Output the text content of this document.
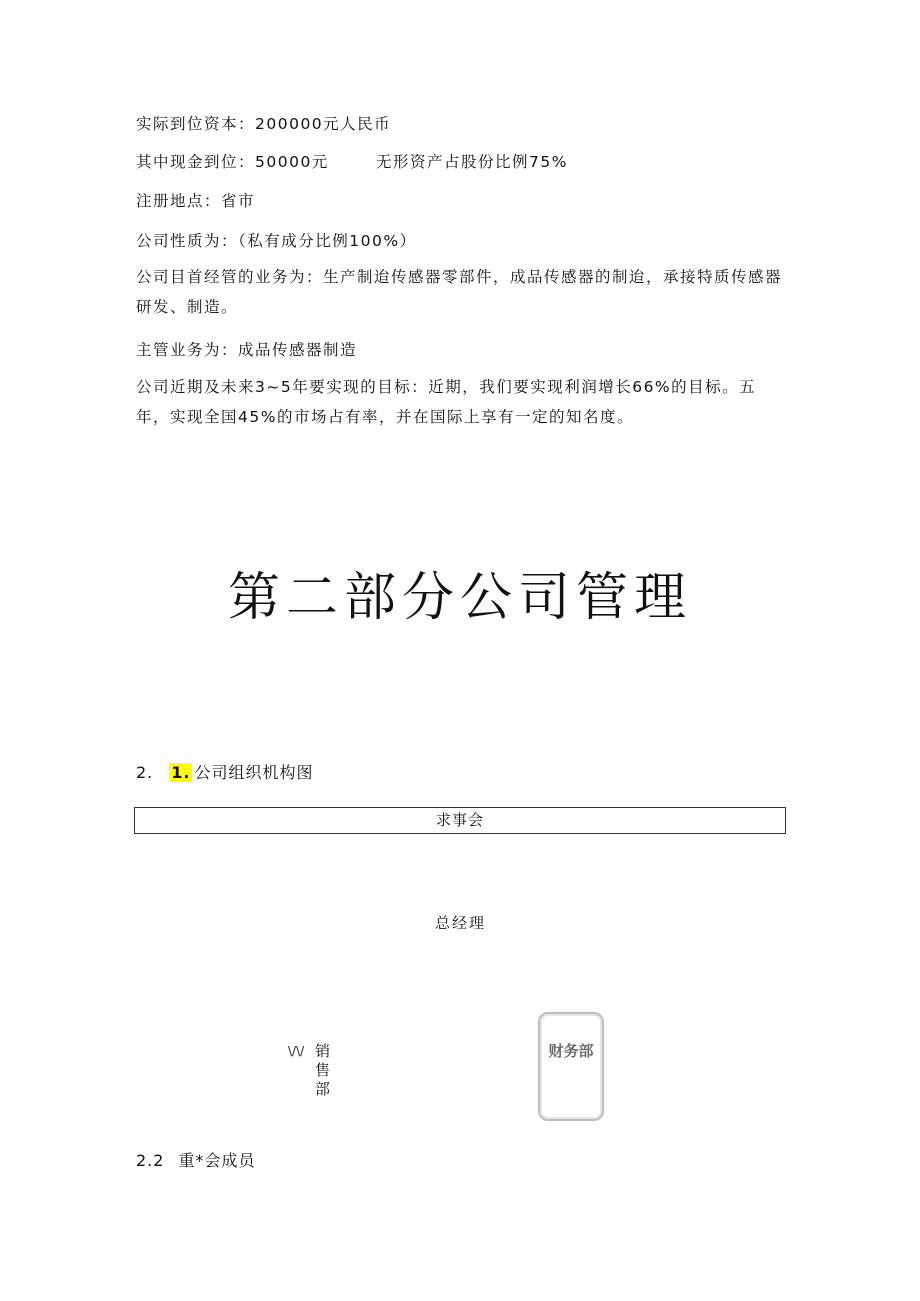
实际到位资本：200000元人民币
其中现金到位：50000元	无形资产占股份比例75%
注册地点：省市
公司性质为：（私有成分比例100%）
公司目首经管的业务为：生产制迨传感器零部件，成品传感器的制迨，承接特质传感器研发、制造。
主管业务为：成品传感器制造
公司近期及未来3~5年要实现的目标：近期，我们要实现利润增长66%的目标。五年，实现全国45%的市场占有率，并在国际上享有一定的知名度。
第二部分公司管理
2. 1. 公司组织机构图
求事会
总经理
\/\/ 销售部
财务部
2.2 重*会成员
